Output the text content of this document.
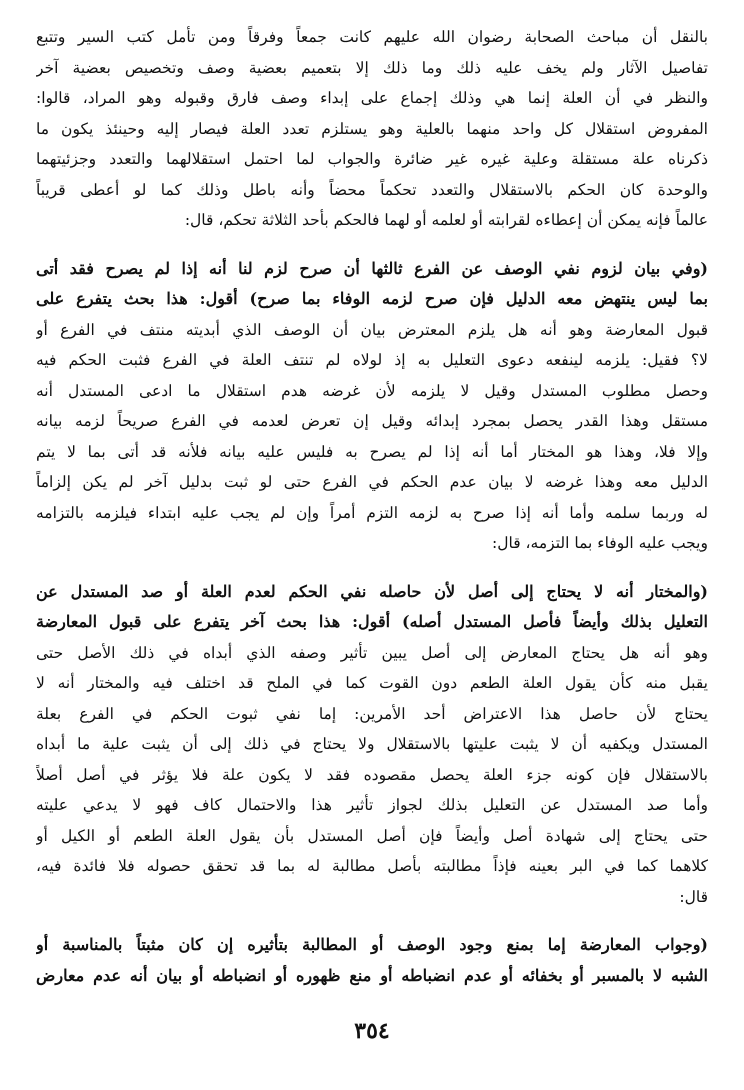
بالنقل أن مباحث الصحابة رضوان الله عليهم كانت جمعاً وفرقاً ومن تأمل كتب السير وتتبع
تفاصيل الآثار ولم يخف عليه ذلك وما ذلك إلا بتعميم بعضية وصف وتخصيص بعضية آخر
والنظر في أن العلة إنما هي وذلك إجماع على إبداء وصف فارق وقبوله وهو المراد، قالوا:
المفروض استقلال كل واحد منهما بالعلية وهو يستلزم تعدد العلة فيصار إليه وحينئذ يكون ما
ذكرناه علة مستقلة وعلية غيره غير ضائرة والجواب لما احتمل استقلالهما والتعدد وجزئيتهما
والوحدة كان الحكم بالاستقلال والتعدد تحكماً محضاً وأنه باطل وذلك كما لو أعطى قريباً
عالماً فإنه يمكن أن إعطاءه لقرابته أو لعلمه أو لهما فالحكم بأحد الثلاثة تحكم، قال:
(وفي بيان لزوم نفي الوصف عن الفرع ثالثها أن صرح لزم لنا أنه إذا لم يصرح فقد أتى
بما ليس ينتهض معه الدليل فإن صرح لزمه الوفاء بما صرح) أقول: هذا بحث يتفرع على
قبول المعارضة وهو أنه هل يلزم المعترض بيان أن الوصف الذي أبديته منتف في الفرع أو
لا؟ فقيل: يلزمه لينفعه دعوى التعليل به إذ لولاه لم تنتف العلة في الفرع فثبت الحكم فيه
وحصل مطلوب المستدل وقيل لا يلزمه لأن غرضه هدم استقلال ما ادعى المستدل أنه
مستقل وهذا القدر يحصل بمجرد إبدائه وقيل إن تعرض لعدمه في الفرع صريحاً لزمه بيانه
وإلا فلا، وهذا هو المختار أما أنه إذا لم يصرح به فليس عليه بيانه فلأنه قد أتى بما لا يتم
الدليل معه وهذا غرضه لا بيان عدم الحكم في الفرع حتى لو ثبت بدليل آخر لم يكن إلزاماً
له وربما سلمه وأما أنه إذا صرح به لزمه التزم أمراً وإن لم يجب عليه ابتداء فيلزمه بالتزامه
ويجب عليه الوفاء بما التزمه، قال:
(والمختار أنه لا يحتاج إلى أصل لأن حاصله نفي الحكم لعدم العلة أو صد المستدل عن
التعليل بذلك وأيضاً فأصل المستدل أصله) أقول: هذا بحث آخر يتفرع على قبول المعارضة
وهو أنه هل يحتاج المعارض إلى أصل يبين تأثير وصفه الذي أبداه في ذلك الأصل حتى
يقبل منه كأن يقول العلة الطعم دون القوت كما في الملح قد اختلف فيه والمختار أنه لا
يحتاج لأن حاصل هذا الاعتراض أحد الأمرين: إما نفي ثبوت الحكم في الفرع بعلة
المستدل ويكفيه أن لا يثبت عليتها بالاستقلال ولا يحتاج في ذلك إلى أن يثبت علية ما أبداه
بالاستقلال فإن كونه جزء العلة يحصل مقصوده فقد لا يكون علة فلا يؤثر في أصل أصلاً
وأما صد المستدل عن التعليل بذلك لجواز تأثير هذا والاحتمال كاف فهو لا يدعي عليته
حتى يحتاج إلى شهادة أصل وأيضاً فإن أصل المستدل بأن يقول العلة الطعم أو الكيل أو
كلاهما كما في البر بعينه فإذاً مطالبته بأصل مطالبة له بما قد تحقق حصوله فلا فائدة فيه،
قال:
(وجواب المعارضة إما بمنع وجود الوصف أو المطالبة بتأثيره إن كان مثبتاً بالمناسبة أو
الشبه لا بالمسبر أو بخفائه أو عدم انضباطه أو منع ظهوره أو انضباطه أو بيان أنه عدم معارض
٣٥٤
